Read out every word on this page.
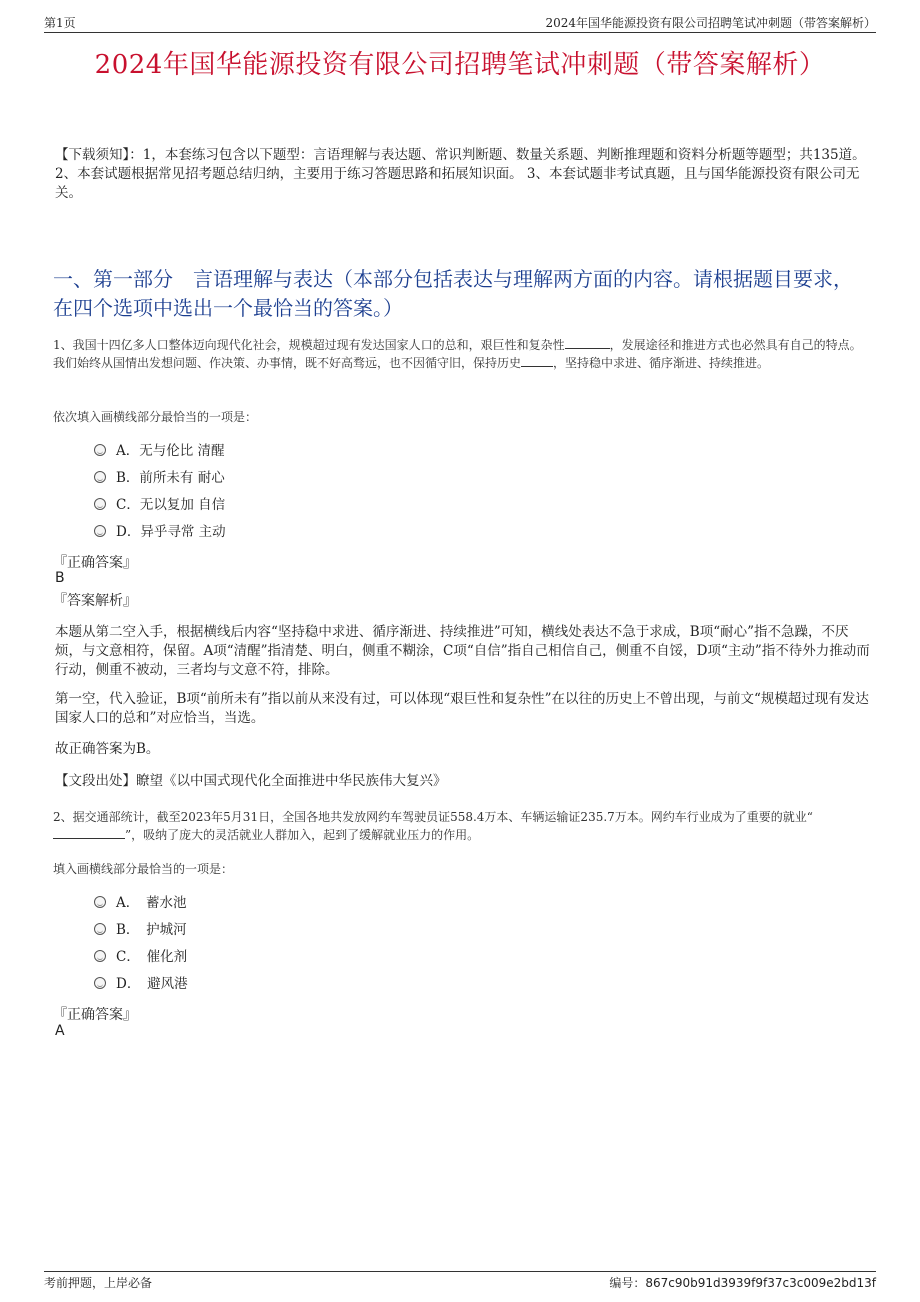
第1页	2024年国华能源投资有限公司招聘笔试冲刺题（带答案解析）
2024年国华能源投资有限公司招聘笔试冲刺题（带答案解析）
【下载须知】：1，本套练习包含以下题型：言语理解与表达题、常识判断题、数量关系题、判断推理题和资料分析题等题型；共135道。 2、本套试题根据常见招考题总结归纳，主要用于练习答题思路和拓展知识面。 3、本套试题非考试真题，且与国华能源投资有限公司无关。
一、第一部分　言语理解与表达（本部分包括表达与理解两方面的内容。请根据题目要求，在四个选项中选出一个最恰当的答案。）
1、我国十四亿多人口整体迈向现代化社会，规模超过现有发达国家人口的总和，艰巨性和复杂性	，发展途径和推进方式也必然具有自己的特点。我们始终从国情出发想问题、作决策、办事情，既不好高骛远，也不因循守旧，保持历史	，坚持稳中求进、循序渐进、持续推进。
依次填入画横线部分最恰当的一项是：
A．无与伦比 清醒
B．前所未有 耐心
C．无以复加 自信
D．异乎寻常 主动
『正确答案』
B
『答案解析』
本题从第二空入手，根据横线后内容“坚持稳中求进、循序渐进、持续推进”可知，横线处表达不急于求成，B项“耐心”指不急躁，不厌烦，与文意相符，保留。A项“清醒”指清楚、明白，侧重不糊涂，C项“自信”指自己相信自己，侧重不自馁，D项“主动”指不待外力推动而行动，侧重不被动，三者均与文意不符，排除。
第一空，代入验证，B项“前所未有”指以前从来没有过，可以体现“艰巨性和复杂性”在以往的历史上不曾出现，与前文“规模超过现有发达国家人口的总和”对应恰当，当选。
故正确答案为B。
【文段出处】瞭望《以中国式现代化全面推进中华民族伟大复兴》
2、据交通部统计，截至2023年5月31日，全国各地共发放网约车驾驶员证558.4万本、车辆运输证235.7万本。网约车行业成为了重要的就业“”，吸纳了庞大的灵活就业人群加入，起到了缓解就业压力的作用。
填入画横线部分最恰当的一项是：
A．　蓄水池
B．　护城河
C．　催化剂
D．　避风港
『正确答案』
A
考前押题，上岸必备	编号：867c90b91d3939f9f37c3c009e2bd13f
